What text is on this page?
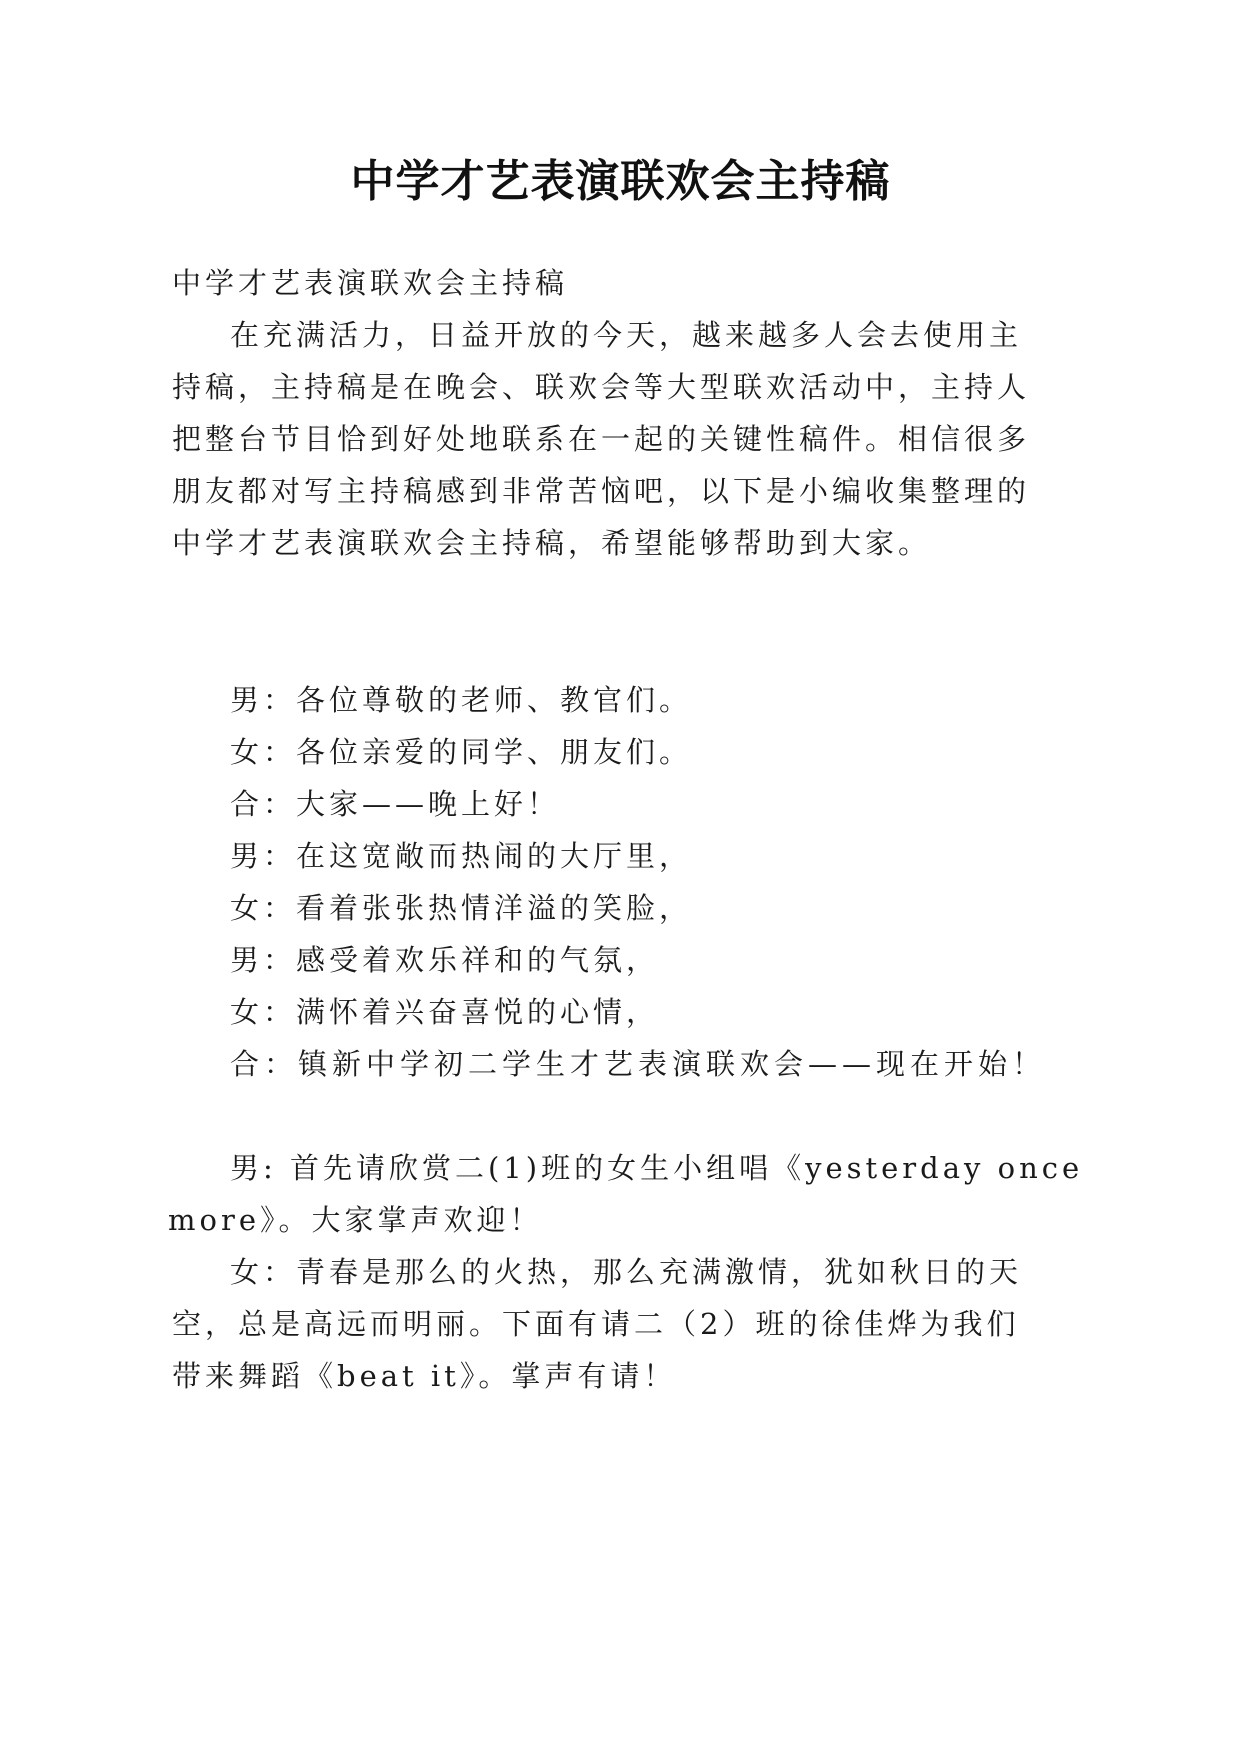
中学才艺表演联欢会主持稿
中学才艺表演联欢会主持稿
在充满活力，日益开放的今天，越来越多人会去使用主
持稿，主持稿是在晚会、联欢会等大型联欢活动中，主持人
把整台节目恰到好处地联系在一起的关键性稿件。相信很多
朋友都对写主持稿感到非常苦恼吧，以下是小编收集整理的
中学才艺表演联欢会主持稿，希望能够帮助到大家。
男：各位尊敬的老师、教官们。
女：各位亲爱的同学、朋友们。
合：大家——晚上好！
男：在这宽敞而热闹的大厅里，
女：看着张张热情洋溢的笑脸，
男：感受着欢乐祥和的气氛，
女：满怀着兴奋喜悦的心情，
合：镇新中学初二学生才艺表演联欢会——现在开始！
男: 首先请欣赏二(1)班的女生小组唱《yesterday once
more》。大家掌声欢迎！
女：青春是那么的火热，那么充满激情，犹如秋日的天
空，总是高远而明丽。下面有请二（2）班的徐佳烨为我们
带来舞蹈《beat it》。掌声有请！
